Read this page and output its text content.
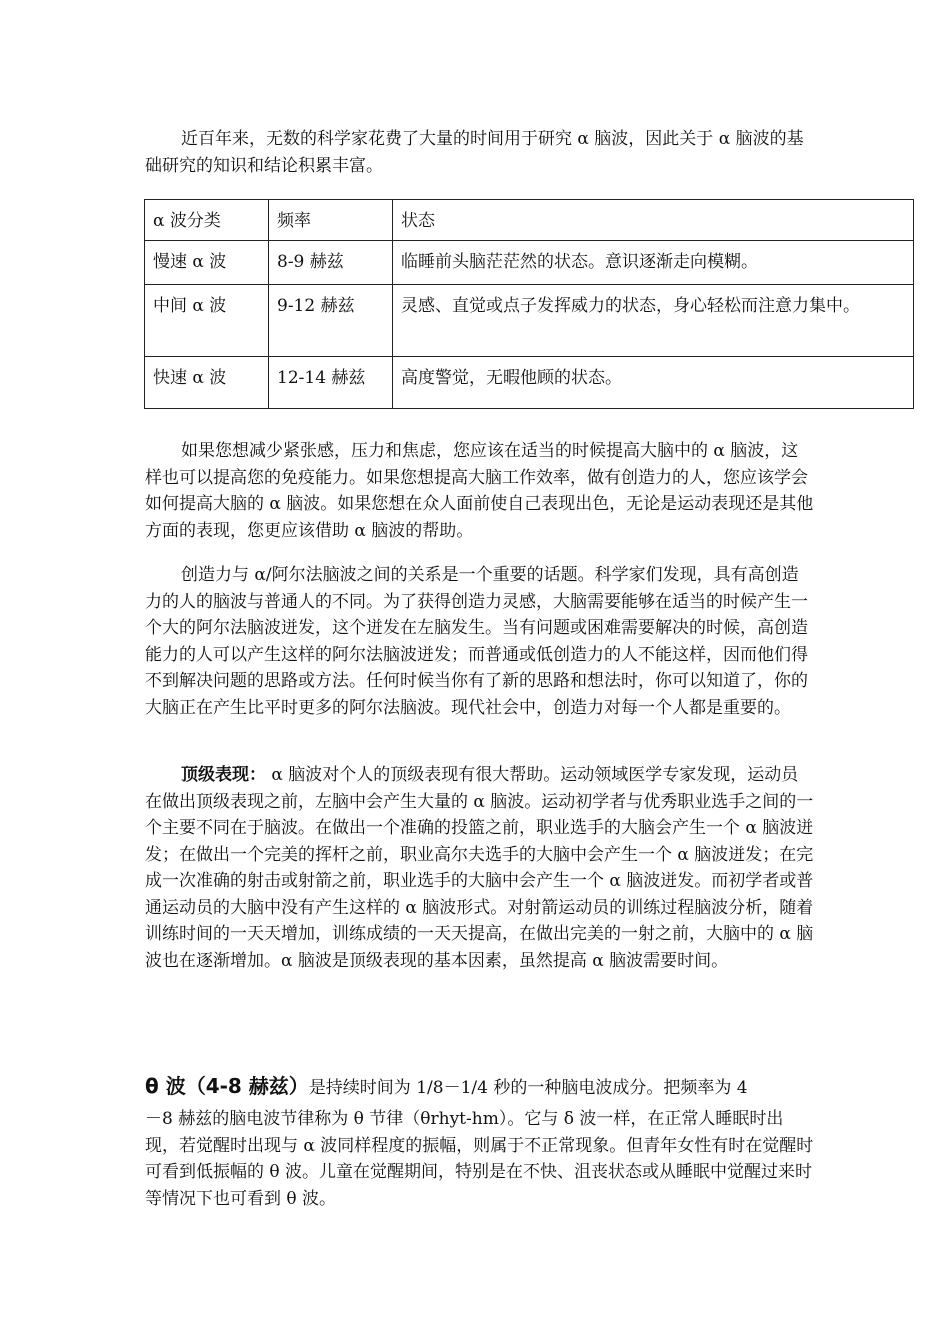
近百年来，无数的科学家花费了大量的时间用于研究 α 脑波，因此关于 α 脑波的基础研究的知识和结论积累丰富。

α 波分类	频率	状态
慢速 α 波	8-9 赫兹	临睡前头脑茫茫然的状态。意识逐渐走向模糊。
中间 α 波	9-12 赫兹	灵感、直觉或点子发挥威力的状态，身心轻松而注意力集中。
快速 α 波	12-14 赫兹	高度警觉，无暇他顾的状态。

如果您想减少紧张感，压力和焦虑，您应该在适当的时候提高大脑中的 α 脑波，这样也可以提高您的免疫能力。如果您想提高大脑工作效率，做有创造力的人，您应该学会如何提高大脑的 α 脑波。如果您想在众人面前使自己表现出色，无论是运动表现还是其他方面的表现，您更应该借助 α 脑波的帮助。

创造力与 α/阿尔法脑波之间的关系是一个重要的话题。科学家们发现，具有高创造力的人的脑波与普通人的不同。为了获得创造力灵感，大脑需要能够在适当的时候产生一个大的阿尔法脑波迸发，这个迸发在左脑发生。当有问题或困难需要解决的时候，高创造能力的人可以产生这样的阿尔法脑波迸发；而普通或低创造力的人不能这样，因而他们得不到解决问题的思路或方法。任何时候当你有了新的思路和想法时，你可以知道了，你的大脑正在产生比平时更多的阿尔法脑波。现代社会中，创造力对每一个人都是重要的。

顶级表现： α 脑波对个人的顶级表现有很大帮助。运动领域医学专家发现，运动员在做出顶级表现之前，左脑中会产生大量的 α 脑波。运动初学者与优秀职业选手之间的一个主要不同在于脑波。在做出一个准确的投篮之前，职业选手的大脑会产生一个 α 脑波迸发；在做出一个完美的挥杆之前，职业高尔夫选手的大脑中会产生一个 α 脑波迸发；在完成一次准确的射击或射箭之前，职业选手的大脑中会产生一个 α 脑波迸发。而初学者或普通运动员的大脑中没有产生这样的 α 脑波形式。对射箭运动员的训练过程脑波分析，随着训练时间的一天天增加，训练成绩的一天天提高，在做出完美的一射之前，大脑中的 α 脑波也在逐渐增加。α 脑波是顶级表现的基本因素，虽然提高 α 脑波需要时间。

θ 波（4-8 赫兹）是持续时间为 1/8－1/4 秒的一种脑电波成分。把频率为 4

－8 赫兹的脑电波节律称为 θ 节律（θrhyt-hm）。它与 δ 波一样，在正常人睡眠时出现，若觉醒时出现与 α 波同样程度的振幅，则属于不正常现象。但青年女性有时在觉醒时可看到低振幅的 θ 波。儿童在觉醒期间，特别是在不快、沮丧状态或从睡眠中觉醒过来时等情况下也可看到 θ 波。
